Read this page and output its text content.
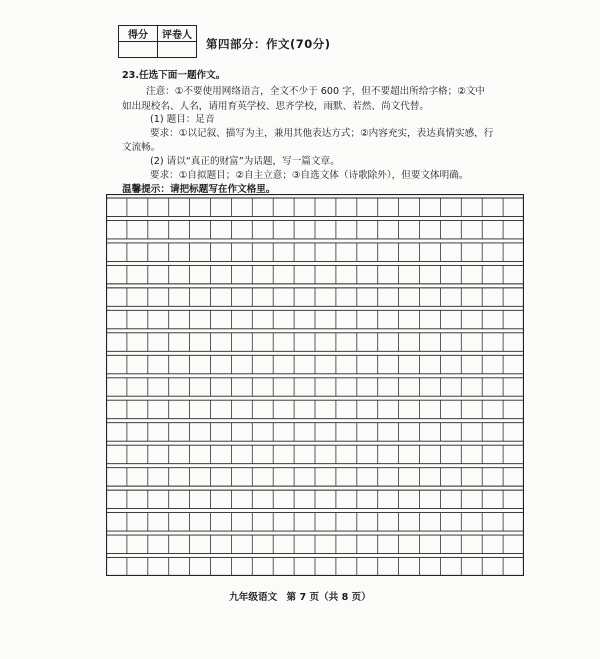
得分	评卷人

第四部分：作文(70分)
23.任选下面一题作文。
注意：①不要使用网络语言，全文不少于 600 字，但不要超出所给字格；②文中
如出现校名、人名，请用育英学校、思齐学校，雨默、若然、尚文代替。
(1) 题目：足音
要求：①以记叙、描写为主，兼用其他表达方式；②内容充实，表达真情实感，行
文流畅。
(2) 请以“真正的财富”为话题，写一篇文章。
要求：①自拟题目；②自主立意；③自选文体（诗歌除外），但要文体明确。
温馨提示：请把标题写在作文格里。
九年级语文 第 7 页（共 8 页）
